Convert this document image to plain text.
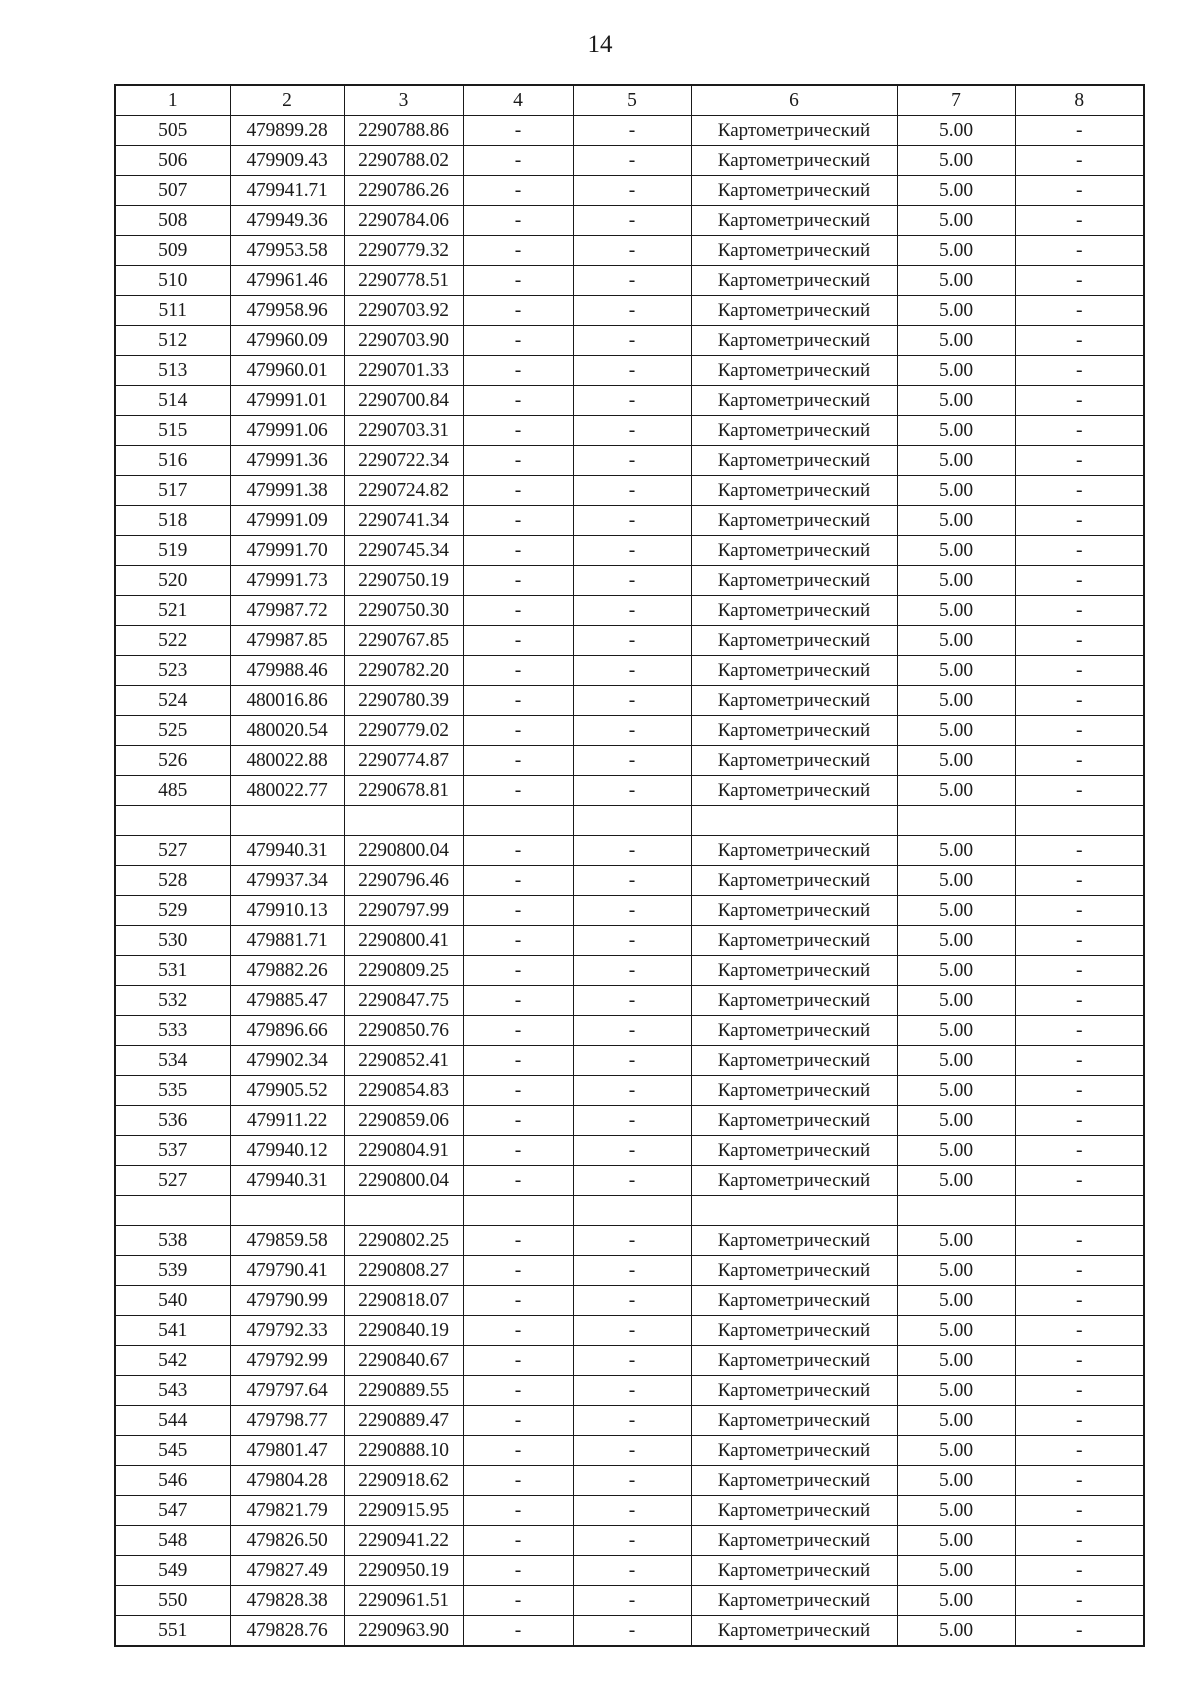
14
1	2	3	4	5	6	7	8
505	479899.28	2290788.86	-	-	Картометрический	5.00	-
506	479909.43	2290788.02	-	-	Картометрический	5.00	-
507	479941.71	2290786.26	-	-	Картометрический	5.00	-
508	479949.36	2290784.06	-	-	Картометрический	5.00	-
509	479953.58	2290779.32	-	-	Картометрический	5.00	-
510	479961.46	2290778.51	-	-	Картометрический	5.00	-
511	479958.96	2290703.92	-	-	Картометрический	5.00	-
512	479960.09	2290703.90	-	-	Картометрический	5.00	-
513	479960.01	2290701.33	-	-	Картометрический	5.00	-
514	479991.01	2290700.84	-	-	Картометрический	5.00	-
515	479991.06	2290703.31	-	-	Картометрический	5.00	-
516	479991.36	2290722.34	-	-	Картометрический	5.00	-
517	479991.38	2290724.82	-	-	Картометрический	5.00	-
518	479991.09	2290741.34	-	-	Картометрический	5.00	-
519	479991.70	2290745.34	-	-	Картометрический	5.00	-
520	479991.73	2290750.19	-	-	Картометрический	5.00	-
521	479987.72	2290750.30	-	-	Картометрический	5.00	-
522	479987.85	2290767.85	-	-	Картометрический	5.00	-
523	479988.46	2290782.20	-	-	Картометрический	5.00	-
524	480016.86	2290780.39	-	-	Картометрический	5.00	-
525	480020.54	2290779.02	-	-	Картометрический	5.00	-
526	480022.88	2290774.87	-	-	Картометрический	5.00	-
485	480022.77	2290678.81	-	-	Картометрический	5.00	-

527	479940.31	2290800.04	-	-	Картометрический	5.00	-
528	479937.34	2290796.46	-	-	Картометрический	5.00	-
529	479910.13	2290797.99	-	-	Картометрический	5.00	-
530	479881.71	2290800.41	-	-	Картометрический	5.00	-
531	479882.26	2290809.25	-	-	Картометрический	5.00	-
532	479885.47	2290847.75	-	-	Картометрический	5.00	-
533	479896.66	2290850.76	-	-	Картометрический	5.00	-
534	479902.34	2290852.41	-	-	Картометрический	5.00	-
535	479905.52	2290854.83	-	-	Картометрический	5.00	-
536	479911.22	2290859.06	-	-	Картометрический	5.00	-
537	479940.12	2290804.91	-	-	Картометрический	5.00	-
527	479940.31	2290800.04	-	-	Картометрический	5.00	-

538	479859.58	2290802.25	-	-	Картометрический	5.00	-
539	479790.41	2290808.27	-	-	Картометрический	5.00	-
540	479790.99	2290818.07	-	-	Картометрический	5.00	-
541	479792.33	2290840.19	-	-	Картометрический	5.00	-
542	479792.99	2290840.67	-	-	Картометрический	5.00	-
543	479797.64	2290889.55	-	-	Картометрический	5.00	-
544	479798.77	2290889.47	-	-	Картометрический	5.00	-
545	479801.47	2290888.10	-	-	Картометрический	5.00	-
546	479804.28	2290918.62	-	-	Картометрический	5.00	-
547	479821.79	2290915.95	-	-	Картометрический	5.00	-
548	479826.50	2290941.22	-	-	Картометрический	5.00	-
549	479827.49	2290950.19	-	-	Картометрический	5.00	-
550	479828.38	2290961.51	-	-	Картометрический	5.00	-
551	479828.76	2290963.90	-	-	Картометрический	5.00	-
